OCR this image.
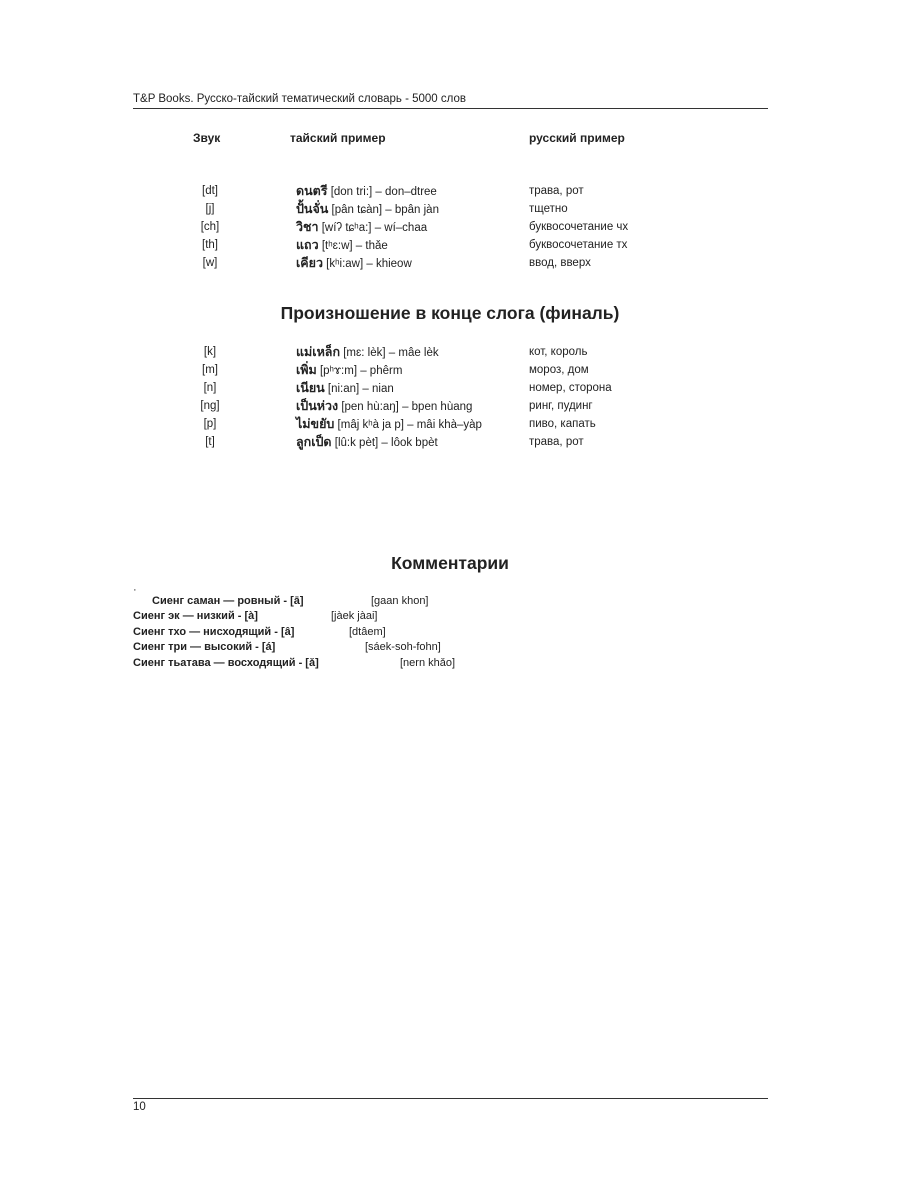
T&P Books. Русско-тайский тематический словарь - 5000 слов
Звук	тайский пример	русский пример
[dt]	ดนตรี [don tri:] – don–dtree	трава, рот
[j]	ปั้นจั่น [pân tɕàn] – bpân jàn	тщетно
[ch]	วิชา [wíʔ tɕʰa:] – wí–chaa	буквосочетание чх
[th]	แถว [tʰɛ:w] – thǎe	буквосочетание тх
[w]	เคียว [kʰi:aw] – khieow	ввод, вверх
Произношение в конце слога (финаль)
[k]	แม่เหล็ก [mɛ: lèk] – mâe lèk	кот, король
[m]	เพิ่ม [pʰɤ:m] – phêrm	мороз, дом
[n]	เนียน [ni:an] – nian	номер, сторона
[ng]	เป็นห่วง [pen hù:aŋ] – bpen hùang	ринг, пудинг
[p]	ไม่ขยับ [mâj kʰà ja p] – mâi khà–yàp	пиво, капать
[t]	ลูกเป็ด [lû:k pèt] – lôok bpèt	трава, рот
Комментарии
·
Сиенг саман — ровный - [ā]	[gaan khon]
Сиенг эк — низкий - [à]	[jàek jàai]
Сиенг тхо — нисходящий - [â]	[dtâem]
Сиенг три — высокий - [á]	[sáek-soh-fohn]
Сиенг тьатава — восходящий - [ǎ]	[nern khǎo]
10
